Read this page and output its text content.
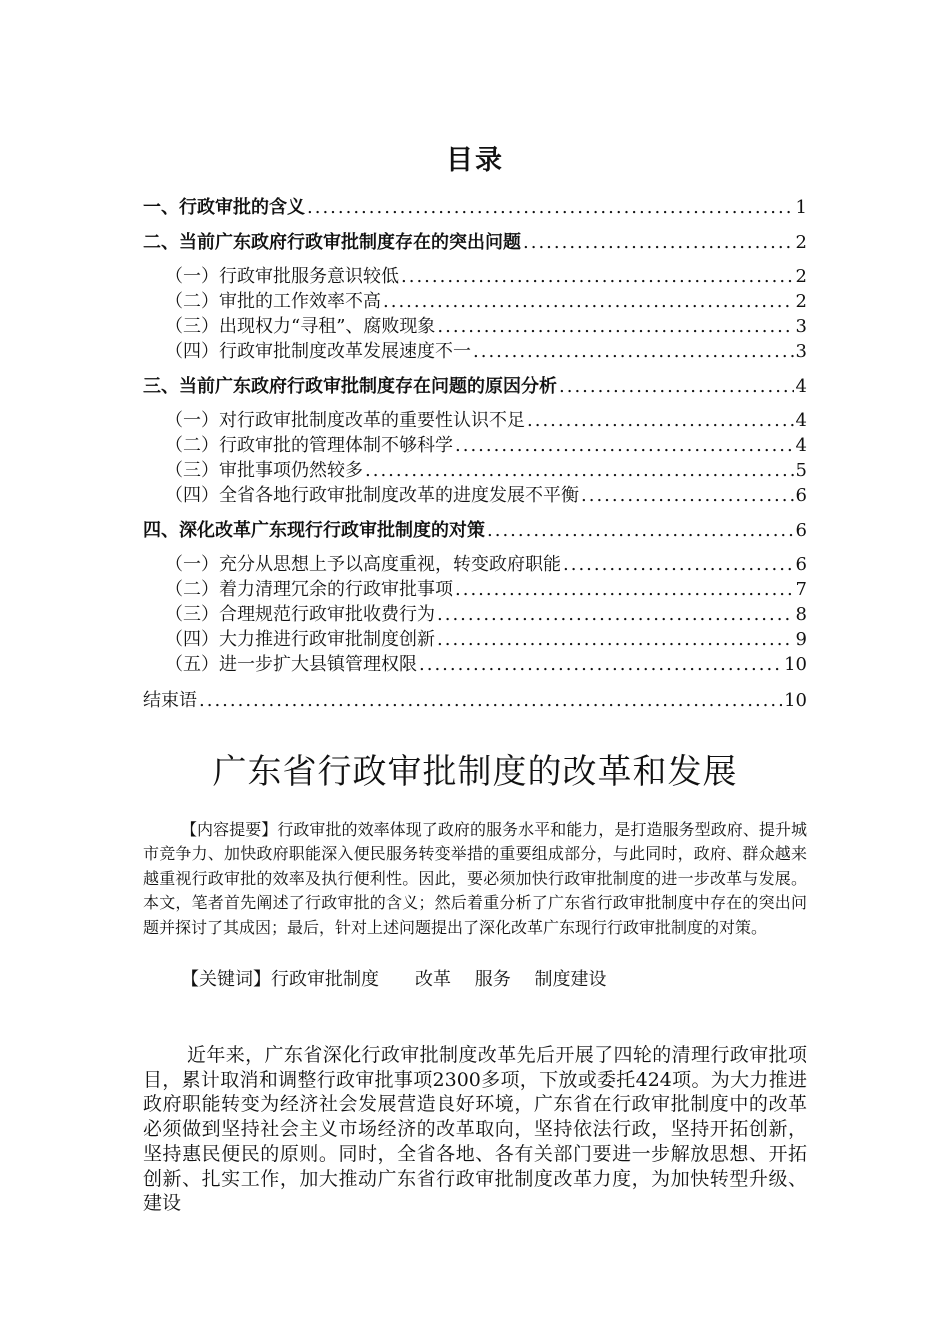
目录
一、行政审批的含义 .....	1
二、当前广东政府行政审批制度存在的突出问题 .....	2
（一）行政审批服务意识较低 .....	2
（二）审批的工作效率不高 .....	2
（三）出现权力“寻租”、腐败现象 .....	3
（四）行政审批制度改革发展速度不一 .....	3
三、当前广东政府行政审批制度存在问题的原因分析 .....	4
（一）对行政审批制度改革的重要性认识不足 .....	4
（二）行政审批的管理体制不够科学 .....	4
（三）审批事项仍然较多 .....	5
（四）全省各地行政审批制度改革的进度发展不平衡 .....	6
四、深化改革广东现行行政审批制度的对策 .....	6
（一）充分从思想上予以高度重视，转变政府职能 .....	6
（二）着力清理冗余的行政审批事项 .....	7
（三）合理规范行政审批收费行为 .....	8
（四）大力推进行政审批制度创新 .....	9
（五）进一步扩大县镇管理权限 .....	10
结束语 .....	10
广东省行政审批制度的改革和发展
【内容提要】行政审批的效率体现了政府的服务水平和能力，是打造服务型政府、提升城市竞争力、加快政府职能深入便民服务转变举措的重要组成部分，与此同时，政府、群众越来越重视行政审批的效率及执行便利性。因此，要必须加快行政审批制度的进一步改革与发展。本文，笔者首先阐述了行政审批的含义；然后着重分析了广东省行政审批制度中存在的突出问题并探讨了其成因；最后，针对上述问题提出了深化改革广东现行行政审批制度的对策。
【关键词】行政审批制度　　改革　 服务　 制度建设
近年来，广东省深化行政审批制度改革先后开展了四轮的清理行政审批项目，累计取消和调整行政审批事项2300多项，下放或委托424项。为大力推进政府职能转变为经济社会发展营造良好环境，广东省在行政审批制度中的改革必须做到坚持社会主义市场经济的改革取向，坚持依法行政，坚持开拓创新，坚持惠民便民的原则。同时，全省各地、各有关部门要进一步解放思想、开拓创新、扎实工作，加大推动广东省行政审批制度改革力度，为加快转型升级、建设
